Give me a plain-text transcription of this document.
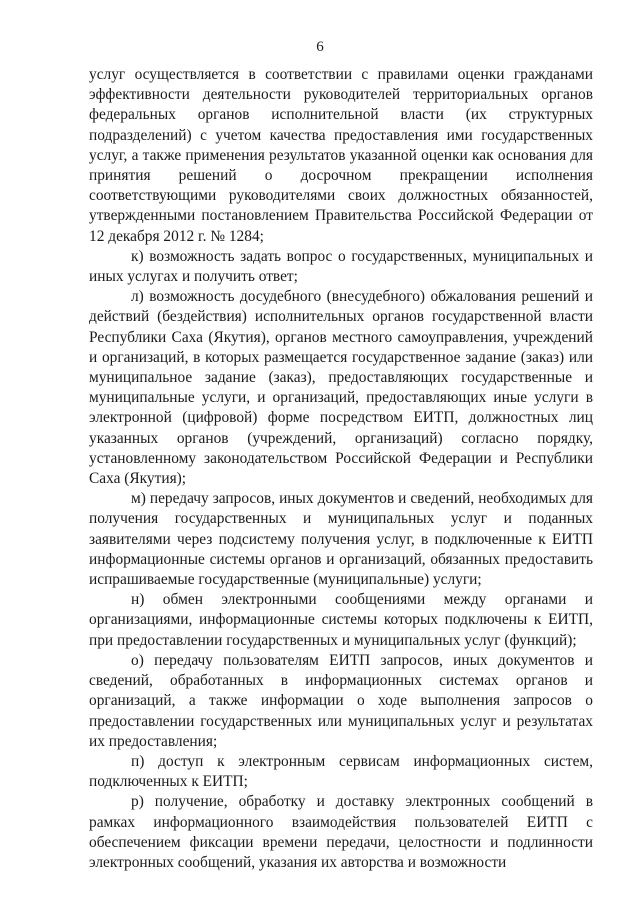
6

услуг осуществляется в соответствии с правилами оценки гражданами эффективности деятельности руководителей территориальных органов федеральных органов исполнительной власти (их структурных подразделений) с учетом качества предоставления ими государственных услуг, а также применения результатов указанной оценки как основания для принятия решений о досрочном прекращении исполнения соответствующими руководителями своих должностных обязанностей, утвержденными постановлением Правительства Российской Федерации от 12 декабря 2012 г. № 1284;

к) возможность задать вопрос о государственных, муниципальных и иных услугах и получить ответ;

л) возможность досудебного (внесудебного) обжалования решений и действий (бездействия) исполнительных органов государственной власти Республики Саха (Якутия), органов местного самоуправления, учреждений и организаций, в которых размещается государственное задание (заказ) или муниципальное задание (заказ), предоставляющих государственные и муниципальные услуги, и организаций, предоставляющих иные услуги в электронной (цифровой) форме посредством ЕИТП, должностных лиц указанных органов (учреждений, организаций) согласно порядку, установленному законодательством Российской Федерации и Республики Саха (Якутия);

м) передачу запросов, иных документов и сведений, необходимых для получения государственных и муниципальных услуг и поданных заявителями через подсистему получения услуг, в подключенные к ЕИТП информационные системы органов и организаций, обязанных предоставить испрашиваемые государственные (муниципальные) услуги;

н) обмен электронными сообщениями между органами и организациями, информационные системы которых подключены к ЕИТП, при предоставлении государственных и муниципальных услуг (функций);

о) передачу пользователям ЕИТП запросов, иных документов и сведений, обработанных в информационных системах органов и организаций, а также информации о ходе выполнения запросов о предоставлении государственных или муниципальных услуг и результатах их предоставления;

п) доступ к электронным сервисам информационных систем, подключенных к ЕИТП;

р) получение, обработку и доставку электронных сообщений в рамках информационного взаимодействия пользователей ЕИТП с обеспечением фиксации времени передачи, целостности и подлинности электронных сообщений, указания их авторства и возможности
